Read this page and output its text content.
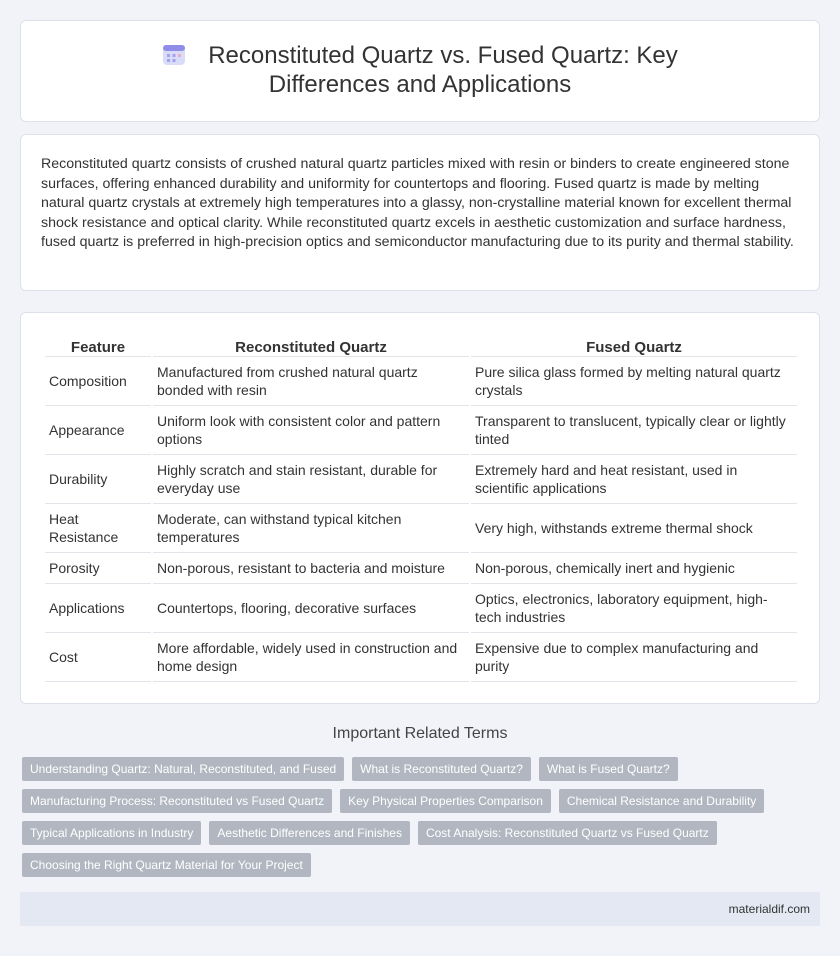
Reconstituted Quartz vs. Fused Quartz: Key Differences and Applications

Reconstituted quartz consists of crushed natural quartz particles mixed with resin or binders to create engineered stone surfaces, offering enhanced durability and uniformity for countertops and flooring. Fused quartz is made by melting natural quartz crystals at extremely high temperatures into a glassy, non-crystalline material known for excellent thermal shock resistance and optical clarity. While reconstituted quartz excels in aesthetic customization and surface hardness, fused quartz is preferred in high-precision optics and semiconductor manufacturing due to its purity and thermal stability.

Feature	Reconstituted Quartz	Fused Quartz
Composition	Manufactured from crushed natural quartz bonded with resin	Pure silica glass formed by melting natural quartz crystals
Appearance	Uniform look with consistent color and pattern options	Transparent to translucent, typically clear or lightly tinted
Durability	Highly scratch and stain resistant, durable for everyday use	Extremely hard and heat resistant, used in scientific applications
Heat Resistance	Moderate, can withstand typical kitchen temperatures	Very high, withstands extreme thermal shock
Porosity	Non-porous, resistant to bacteria and moisture	Non-porous, chemically inert and hygienic
Applications	Countertops, flooring, decorative surfaces	Optics, electronics, laboratory equipment, high-tech industries
Cost	More affordable, widely used in construction and home design	Expensive due to complex manufacturing and purity
Important Related Terms
Understanding Quartz: Natural, Reconstituted, and Fused	What is Reconstituted Quartz?	What is Fused Quartz?
Manufacturing Process: Reconstituted vs Fused Quartz	Key Physical Properties Comparison	Chemical Resistance and Durability
Typical Applications in Industry	Aesthetic Differences and Finishes	Cost Analysis: Reconstituted Quartz vs Fused Quartz
Choosing the Right Quartz Material for Your Project
materialdif.com
